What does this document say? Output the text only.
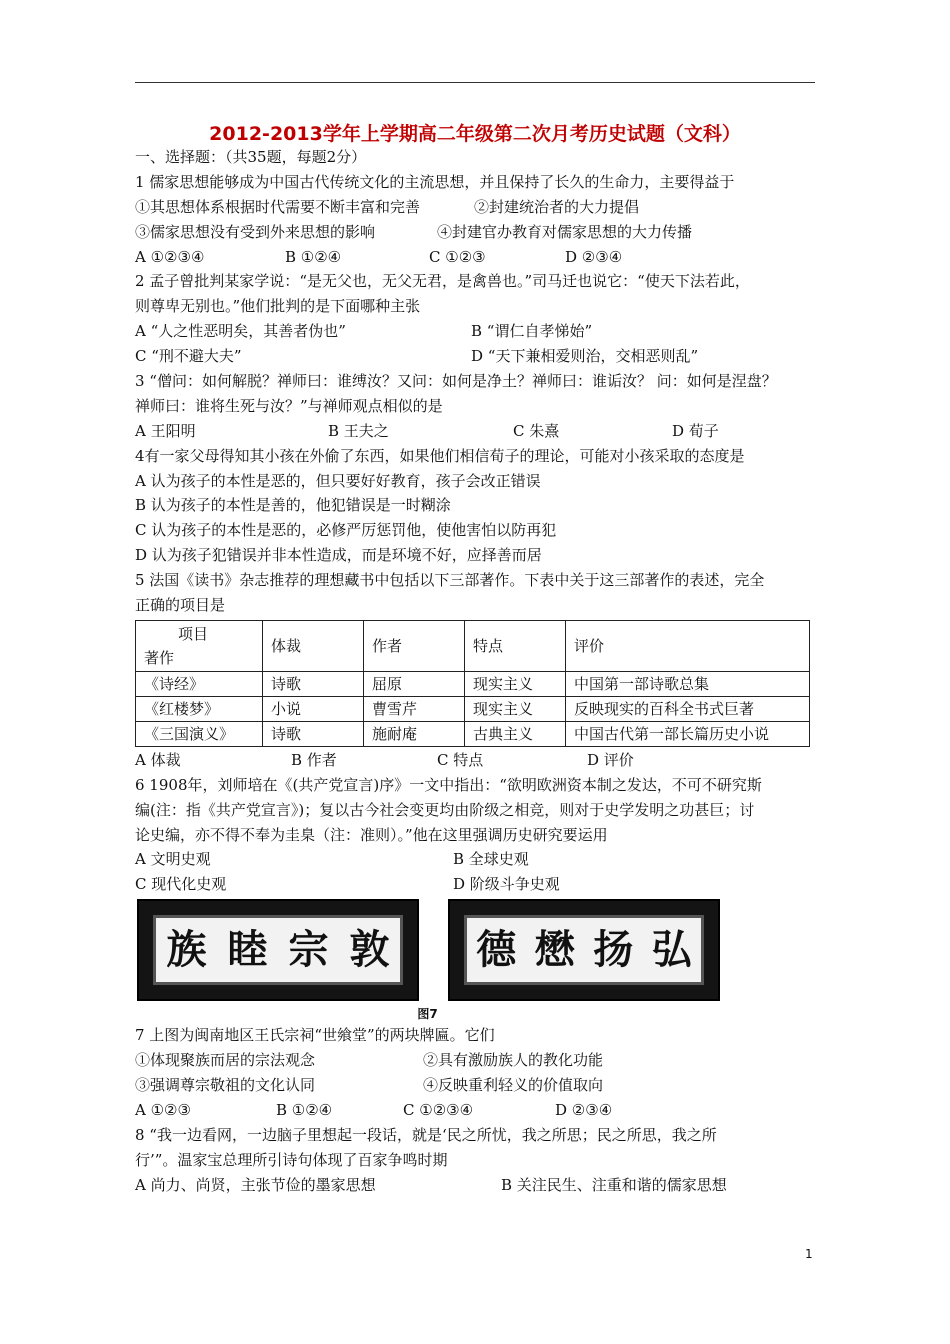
2012-2013学年上学期高二年级第二次月考历史试题（文科）
一、选择题：（共35题，每题2分）
1 儒家思想能够成为中国古代传统文化的主流思想，并且保持了长久的生命力，主要得益于
①其思想体系根据时代需要不断丰富和完善	②封建统治者的大力提倡
③儒家思想没有受到外来思想的影响	④封建官办教育对儒家思想的大力传播
A ①②③④	B ①②④	C ①②③	D ②③④
2 孟子曾批判某家学说：“是无父也，无父无君，是禽兽也。”司马迁也说它：“使天下法若此，
则尊卑无别也。”他们批判的是下面哪种主张
A “人之性恶明矣，其善者伪也”	B “谓仁自孝悌始”
C “刑不避大夫”	D “天下兼相爱则治，交相恶则乱”
3 “僧问：如何解脱？禅师曰：谁缚汝？又问：如何是净土？禅师曰：谁诟汝？ 问：如何是涅盘？
禅师曰：谁将生死与汝？”与禅师观点相似的是
A 王阳明	B 王夫之	C 朱熹	D 荀子
4有一家父母得知其小孩在外偷了东西，如果他们相信荀子的理论，可能对小孩采取的态度是
A 认为孩子的本性是恶的，但只要好好教育，孩子会改正错误
B 认为孩子的本性是善的，他犯错误是一时糊涂
C 认为孩子的本性是恶的，必修严厉惩罚他，使他害怕以防再犯
D 认为孩子犯错误并非本性造成，而是环境不好，应择善而居
5 法国《读书》杂志推荐的理想藏书中包括以下三部著作。下表中关于这三部著作的表述，完全
正确的项目是
项目
著作	体裁	作者	特点	评价
《诗经》	诗歌	屈原	现实主义	中国第一部诗歌总集
《红楼梦》	小说	曹雪芹	现实主义	反映现实的百科全书式巨著
《三国演义》	诗歌	施耐庵	古典主义	中国古代第一部长篇历史小说
A 体裁	B 作者	C 特点	D 评价
6 1908年，刘师培在《(共产党宣言)序》一文中指出：“欲明欧洲资本制之发达，不可不研究斯
编(注：指《共产党宣言》)；复以古今社会变更均由阶级之相竞，则对于史学发明之功甚巨；讨
论史编，亦不得不奉为圭臬（注：准则）。”他在这里强调历史研究要运用
A 文明史观	B 全球史观
C 现代化史观	D 阶级斗争史观
族 睦 宗 敦 德 懋 扬 弘
图7
7 上图为闽南地区王氏宗祠“世飨堂”的两块牌匾。它们
①体现聚族而居的宗法观念	②具有激励族人的教化功能
③强调尊宗敬祖的文化认同	④反映重利轻义的价值取向
A ①②③	B ①②④	C ①②③④	D ②③④
8 “我一边看网，一边脑子里想起一段话，就是‘民之所忧，我之所思；民之所思，我之所
行’”。温家宝总理所引诗句体现了百家争鸣时期
A 尚力、尚贤，主张节俭的墨家思想	B 关注民生、注重和谐的儒家思想
1
